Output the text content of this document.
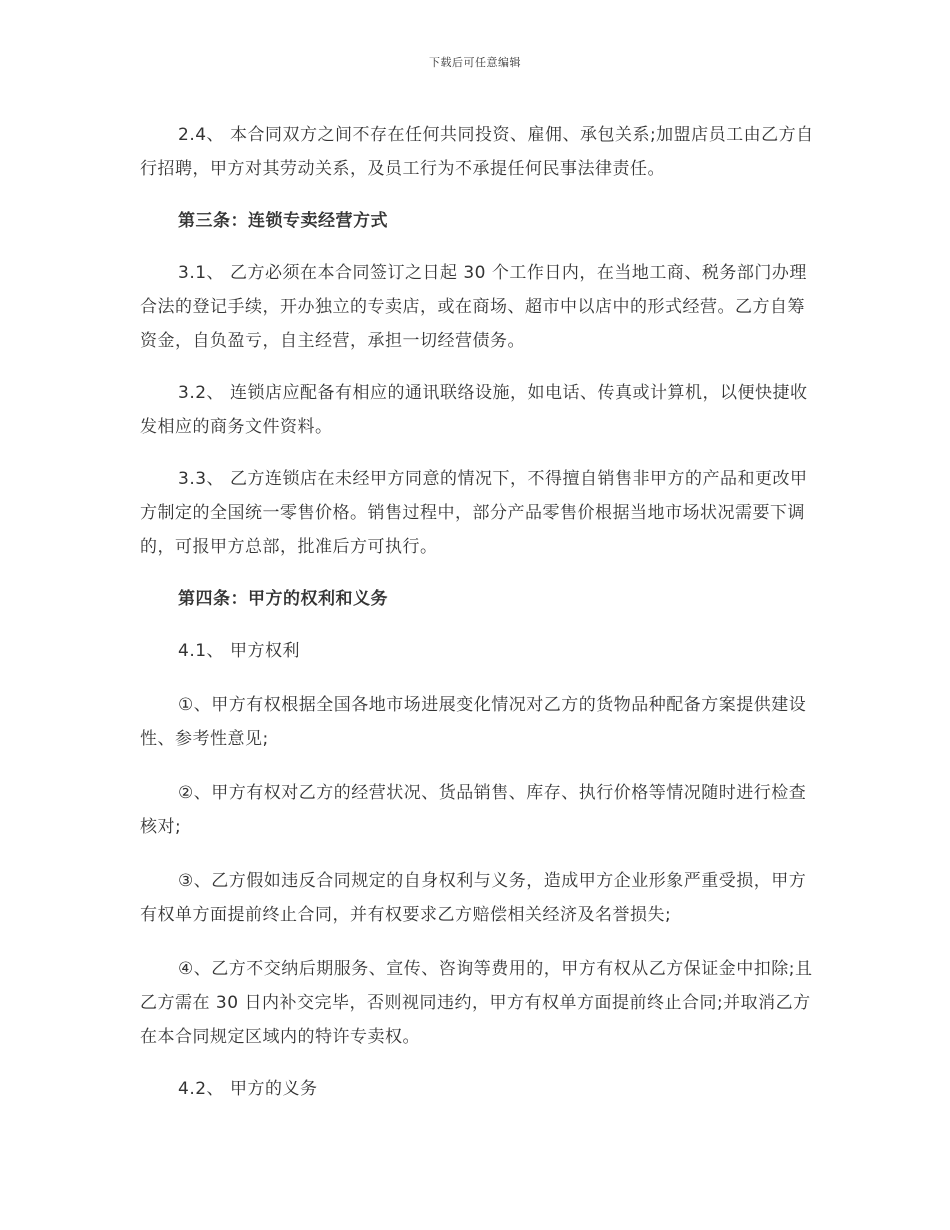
下载后可任意编辑

2.4、 本合同双方之间不存在任何共同投资、雇佣、承包关系;加盟店员工由乙方自行招聘，甲方对其劳动关系，及员工行为不承提任何民事法律责任。

第三条：连锁专卖经营方式

3.1、 乙方必须在本合同签订之日起 30 个工作日内，在当地工商、税务部门办理合法的登记手续，开办独立的专卖店，或在商场、超市中以店中的形式经营。乙方自筹资金，自负盈亏，自主经营，承担一切经营债务。

3.2、 连锁店应配备有相应的通讯联络设施，如电话、传真或计算机，以便快捷收发相应的商务文件资料。

3.3、 乙方连锁店在未经甲方同意的情况下，不得擅自销售非甲方的产品和更改甲方制定的全国统一零售价格。销售过程中，部分产品零售价根据当地市场状况需要下调的，可报甲方总部，批准后方可执行。

第四条：甲方的权利和义务

4.1、 甲方权利

①、甲方有权根据全国各地市场进展变化情况对乙方的货物品种配备方案提供建设性、参考性意见;

②、甲方有权对乙方的经营状况、货品销售、库存、执行价格等情况随时进行检查核对;

③、乙方假如违反合同规定的自身权利与义务，造成甲方企业形象严重受损，甲方有权单方面提前终止合同，并有权要求乙方赔偿相关经济及名誉损失;

④、乙方不交纳后期服务、宣传、咨询等费用的，甲方有权从乙方保证金中扣除;且乙方需在 30 日内补交完毕，否则视同违约，甲方有权单方面提前终止合同;并取消乙方在本合同规定区域内的特许专卖权。

4.2、 甲方的义务
